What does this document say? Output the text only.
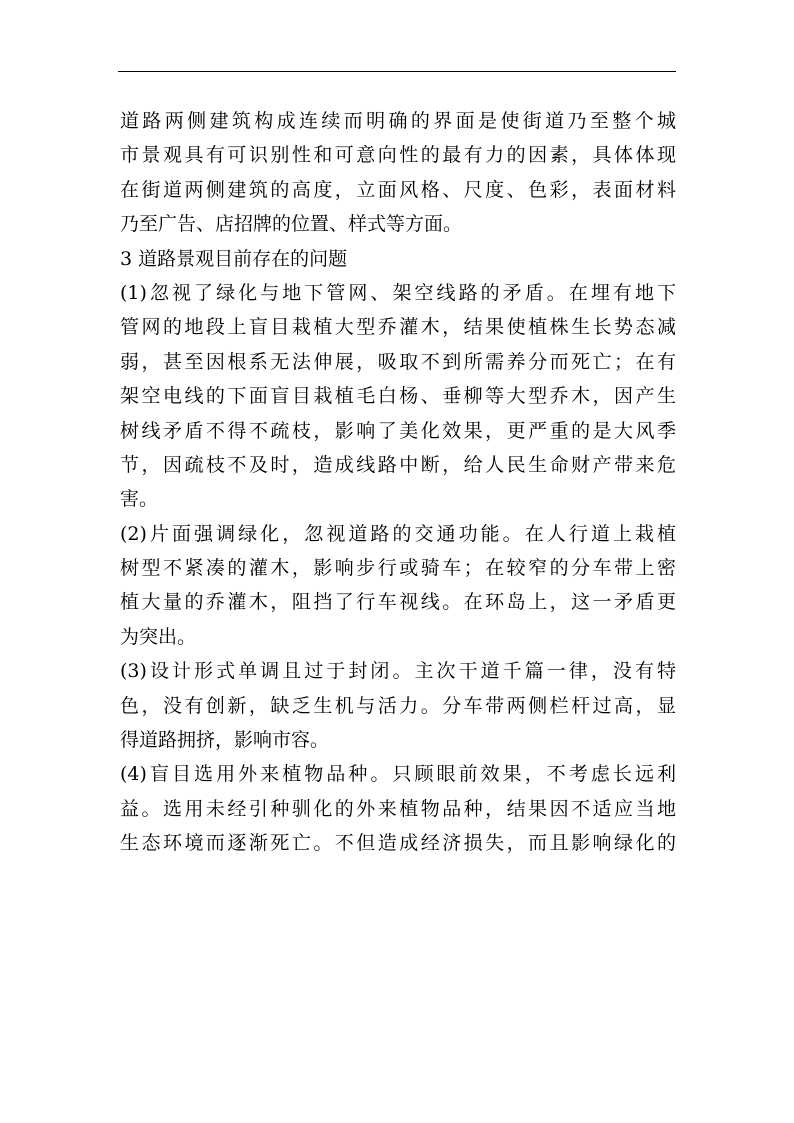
道路两侧建筑构成连续而明确的界面是使街道乃至整个城
市景观具有可识别性和可意向性的最有力的因素，具体体现
在街道两侧建筑的高度，立面风格、尺度、色彩，表面材料
乃至广告、店招牌的位置、样式等方面。
3 道路景观目前存在的问题
(1)忽视了绿化与地下管网、架空线路的矛盾。在埋有地下
管网的地段上盲目栽植大型乔灌木，结果使植株生长势态减
弱，甚至因根系无法伸展，吸取不到所需养分而死亡；在有
架空电线的下面盲目栽植毛白杨、垂柳等大型乔木，因产生
树线矛盾不得不疏枝，影响了美化效果，更严重的是大风季
节，因疏枝不及时，造成线路中断，给人民生命财产带来危
害。
(2)片面强调绿化，忽视道路的交通功能。在人行道上栽植
树型不紧凑的灌木，影响步行或骑车；在较窄的分车带上密
植大量的乔灌木，阻挡了行车视线。在环岛上，这一矛盾更
为突出。
(3)设计形式单调且过于封闭。主次干道千篇一律，没有特
色，没有创新，缺乏生机与活力。分车带两侧栏杆过高，显
得道路拥挤，影响市容。
(4)盲目选用外来植物品种。只顾眼前效果，不考虑长远利
益。选用未经引种驯化的外来植物品种，结果因不适应当地
生态环境而逐渐死亡。不但造成经济损失，而且影响绿化的
